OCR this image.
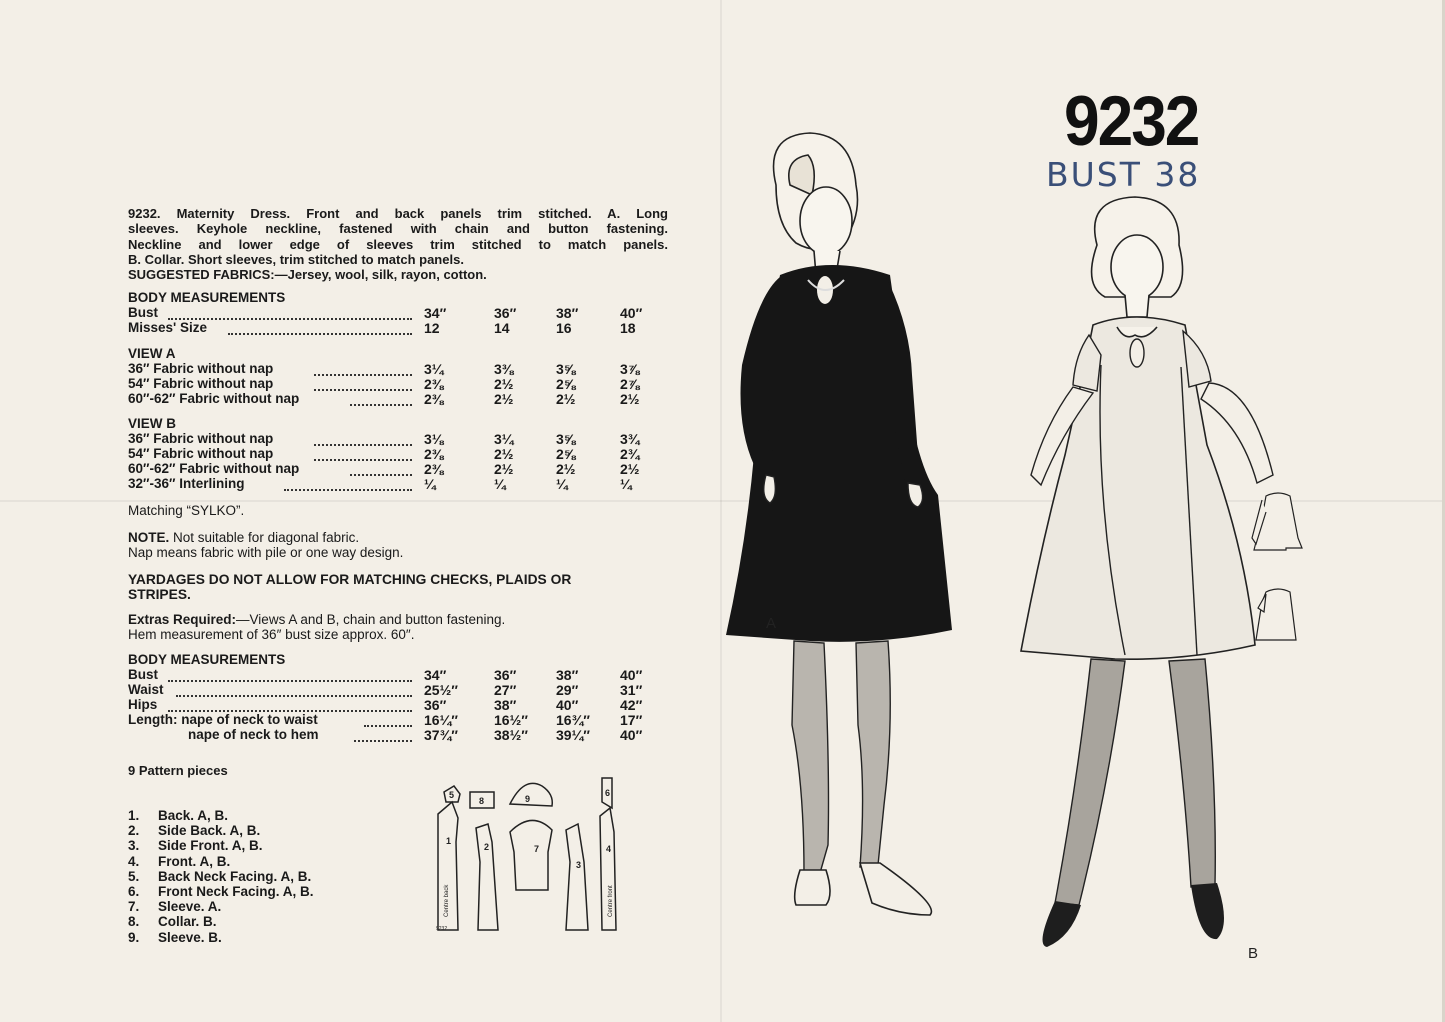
9232
BUST 38
9232. Maternity Dress. Front and back panels trim stitched. A. Long
sleeves. Keyhole neckline, fastened with chain and button fastening.
Neckline and lower edge of sleeves trim stitched to match panels.
B. Collar. Short sleeves, trim stitched to match panels.
SUGGESTED FABRICS:—Jersey, wool, silk, rayon, cotton.
BODY MEASUREMENTS
Bust	34″	36″	38″	40″
Misses' Size	12	14	16	18
VIEW A
36″ Fabric without nap	3¼	3⅜	3⅝	3⅞
54″ Fabric without nap	2⅜	2½	2⅝	2⅞
60″-62″ Fabric without nap	2⅜	2½	2½	2½
VIEW B
36″ Fabric without nap	3⅛	3¼	3⅝	3¾
54″ Fabric without nap	2⅜	2½	2⅝	2¾
60″-62″ Fabric without nap	2⅜	2½	2½	2½
32″-36″ Interlining	¼	¼	¼	¼
Matching “SYLKO”.
NOTE. Not suitable for diagonal fabric.
Nap means fabric with pile or one way design.
YARDAGES DO NOT ALLOW FOR MATCHING CHECKS, PLAIDS OR
STRIPES.
Extras Required:—Views A and B, chain and button fastening.
Hem measurement of 36″ bust size approx. 60″.
BODY MEASUREMENTS
Bust	34″	36″	38″	40″
Waist	25½″	27″	29″	31″
Hips	36″	38″	40″	42″
Length: nape of neck to waist	16¼″	16½″ 16¾″ 17″
nape of neck to hem	37¾″	38½″ 39¼″ 40″
9 Pattern pieces
1. Back. A, B.
2. Side Back. A, B.
3. Side Front. A, B.
4. Front. A, B.
5. Back Neck Facing. A, B.
6. Front Neck Facing. A, B.
7. Sleeve. A.
8. Collar. B.
9. Sleeve. B.
5
8	9
6
1
2	7
3
4
Centre back	Centre front
9232
A
B
